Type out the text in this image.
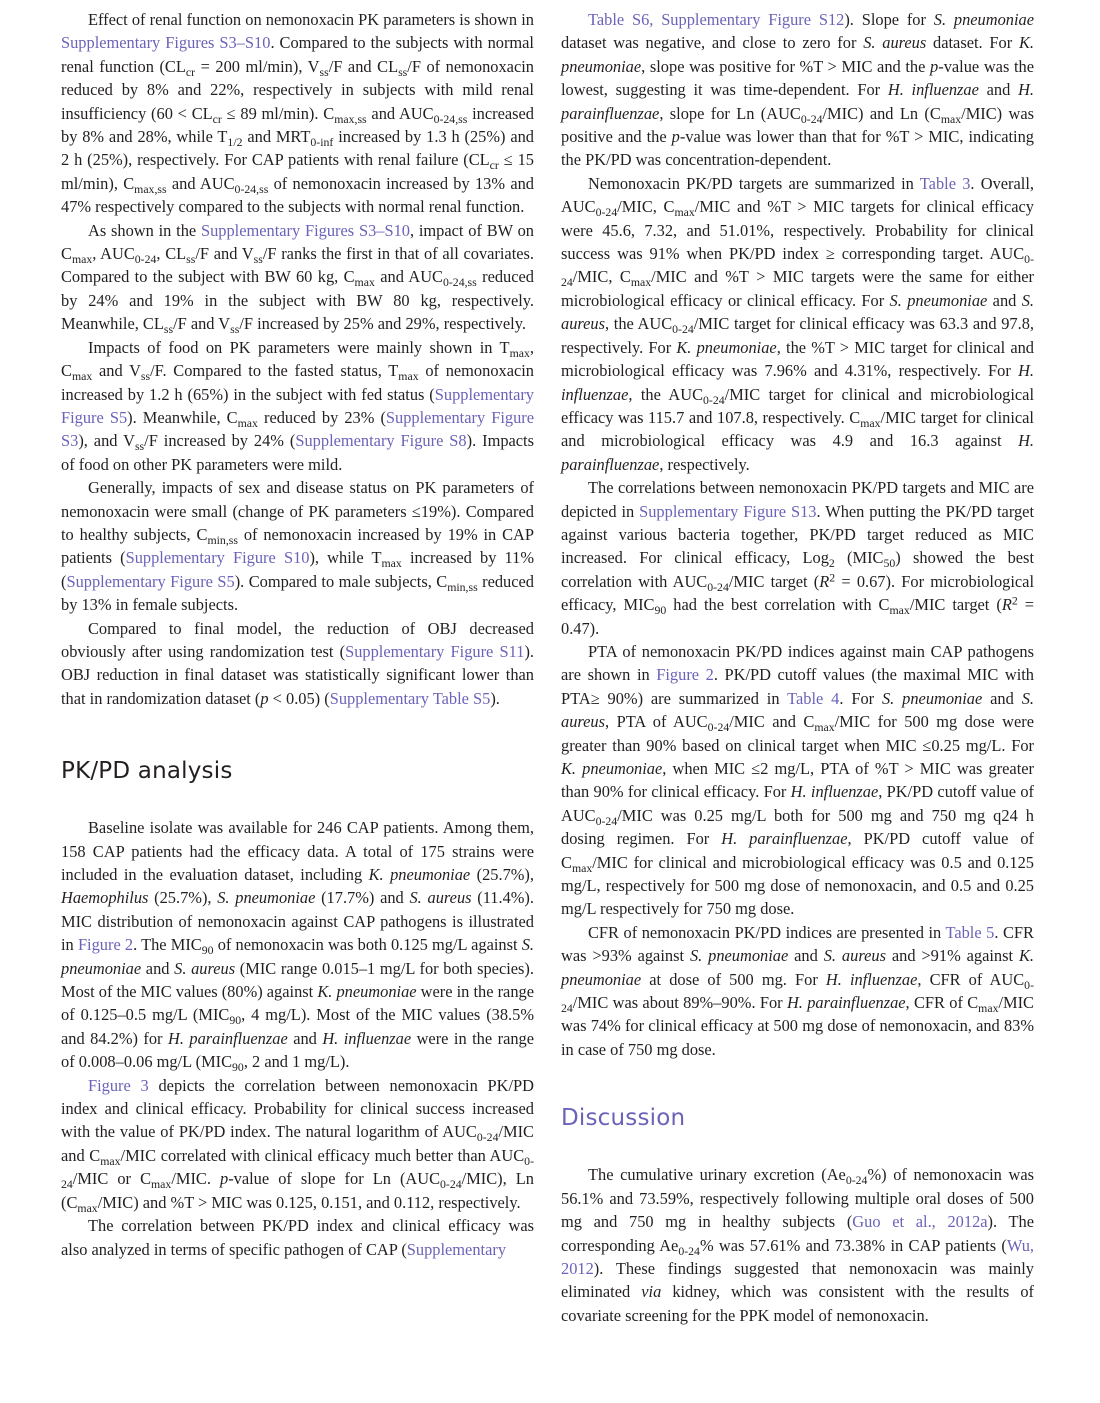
Effect of renal function on nemonoxacin PK parameters is shown in Supplementary Figures S3–S10. Compared to the subjects with normal renal function ($CL_{cr} = 200$ ml/min), $V_{ss}/F$ and $CL_{ss}/F$ of nemonoxacin reduced by 8% and 22%, respectively in subjects with mild renal insufficiency ($60 < CL_{cr} \le 89$ ml/min). $C_{max,ss}$ and $AUC_{0-24,ss}$ increased by 8% and 28%, while $T_{1/2}$ and $MRT_{0-inf}$ increased by 1.3 h (25%) and 2 h (25%), respectively. For CAP patients with renal failure ($CL_{cr} \le 15$ ml/min), $C_{max,ss}$ and $AUC_{0-24,ss}$ of nemonoxacin increased by 13% and 47% respectively compared to the subjects with normal renal function.

As shown in the Supplementary Figures S3–S10, impact of BW on $C_{max}$, $AUC_{0-24}$, $CL_{ss}/F$ and $V_{ss}/F$ ranks the first in that of all covariates. Compared to the subject with BW 60 kg, $C_{max}$ and $AUC_{0-24,ss}$ reduced by 24% and 19% in the subject with BW 80 kg, respectively. Meanwhile, $CL_{ss}/F$ and $V_{ss}/F$ increased by 25% and 29%, respectively.

Impacts of food on PK parameters were mainly shown in $T_{max}$, $C_{max}$ and $V_{ss}/F$. Compared to the fasted status, $T_{max}$ of nemonoxacin increased by 1.2 h (65%) in the subject with fed status (Supplementary Figure S5). Meanwhile, $C_{max}$ reduced by 23% (Supplementary Figure S3), and $V_{ss}/F$ increased by 24% (Supplementary Figure S8). Impacts of food on other PK parameters were mild.

Generally, impacts of sex and disease status on PK parameters of nemonoxacin were small (change of PK parameters ≤19%). Compared to healthy subjects, $C_{min,ss}$ of nemonoxacin increased by 19% in CAP patients (Supplementary Figure S10), while $T_{max}$ increased by 11% (Supplementary Figure S5). Compared to male subjects, $C_{min,ss}$ reduced by 13% in female subjects.

Compared to final model, the reduction of OBJ decreased obviously after using randomization test (Supplementary Figure S11). OBJ reduction in final dataset was statistically significant lower than that in randomization dataset (p < 0.05) (Supplementary Table S5).

PK/PD analysis

Baseline isolate was available for 246 CAP patients. Among them, 158 CAP patients had the efficacy data. A total of 175 strains were included in the evaluation dataset, including K. pneumoniae (25.7%), Haemophilus (25.7%), S. pneumoniae (17.7%) and S. aureus (11.4%). MIC distribution of nemonoxacin against CAP pathogens is illustrated in Figure 2. The $MIC_{90}$ of nemonoxacin was both 0.125 mg/L against S. pneumoniae and S. aureus (MIC range 0.015–1 mg/L for both species). Most of the MIC values (80%) against K. pneumoniae were in the range of 0.125–0.5 mg/L ($MIC_{90}$, 4 mg/L). Most of the MIC values (38.5% and 84.2%) for H. parainfluenzae and H. influenzae were in the range of 0.008–0.06 mg/L ($MIC_{90}$, 2 and 1 mg/L).

Figure 3 depicts the correlation between nemonoxacin PK/PD index and clinical efficacy. Probability for clinical success increased with the value of PK/PD index. The natural logarithm of $AUC_{0-24}$/MIC and $C_{max}$/MIC correlated with clinical efficacy much better than $AUC_{0-24}$/MIC or $C_{max}$/MIC. p-value of slope for Ln $(AUC_{0-24}/MIC)$, Ln $(C_{max}/MIC)$ and %T > MIC was 0.125, 0.151, and 0.112, respectively.

The correlation between PK/PD index and clinical efficacy was also analyzed in terms of specific pathogen of CAP (Supplementary

Table S6, Supplementary Figure S12). Slope for S. pneumoniae dataset was negative, and close to zero for S. aureus dataset. For K. pneumoniae, slope was positive for %T > MIC and the p-value was the lowest, suggesting it was time-dependent. For H. influenzae and H. parainfluenzae, slope for Ln $(AUC_{0-24}/MIC)$ and Ln $(C_{max}/MIC)$ was positive and the p-value was lower than that for %T > MIC, indicating the PK/PD was concentration-dependent.

Nemonoxacin PK/PD targets are summarized in Table 3. Overall, $AUC_{0-24}$/MIC, $C_{max}$/MIC and %T > MIC targets for clinical efficacy were 45.6, 7.32, and 51.01%, respectively. Probability for clinical success was 91% when PK/PD index ≥ corresponding target. $AUC_{0-24}$/MIC, $C_{max}$/MIC and %T > MIC targets were the same for either microbiological efficacy or clinical efficacy. For S. pneumoniae and S. aureus, the $AUC_{0-24}$/MIC target for clinical efficacy was 63.3 and 97.8, respectively. For K. pneumoniae, the %T > MIC target for clinical and microbiological efficacy was 7.96% and 4.31%, respectively. For H. influenzae, the $AUC_{0-24}$/MIC target for clinical and microbiological efficacy was 115.7 and 107.8, respectively. $C_{max}$/MIC target for clinical and microbiological efficacy was 4.9 and 16.3 against H. parainfluenzae, respectively.

The correlations between nemonoxacin PK/PD targets and MIC are depicted in Supplementary Figure S13. When putting the PK/PD target against various bacteria together, PK/PD target reduced as MIC increased. For clinical efficacy, Log$_2$ $(MIC_{50})$ showed the best correlation with $AUC_{0-24}$/MIC target $(R^2 = 0.67)$. For microbiological efficacy, $MIC_{90}$ had the best correlation with $C_{max}$/MIC target $(R^2 = 0.47)$.

PTA of nemonoxacin PK/PD indices against main CAP pathogens are shown in Figure 2. PK/PD cutoff values (the maximal MIC with PTA≥ 90%) are summarized in Table 4. For S. pneumoniae and S. aureus, PTA of $AUC_{0-24}$/MIC and $C_{max}$/MIC for 500 mg dose were greater than 90% based on clinical target when MIC ≤0.25 mg/L. For K. pneumoniae, when MIC ≤2 mg/L, PTA of %T > MIC was greater than 90% for clinical efficacy. For H. influenzae, PK/PD cutoff value of $AUC_{0-24}$/MIC was 0.25 mg/L both for 500 mg and 750 mg q24 h dosing regimen. For H. parainfluenzae, PK/PD cutoff value of $C_{max}$/MIC for clinical and microbiological efficacy was 0.5 and 0.125 mg/L, respectively for 500 mg dose of nemonoxacin, and 0.5 and 0.25 mg/L respectively for 750 mg dose.

CFR of nemonoxacin PK/PD indices are presented in Table 5. CFR was >93% against S. pneumoniae and S. aureus and >91% against K. pneumoniae at dose of 500 mg. For H. influenzae, CFR of $AUC_{0-24}$/MIC was about 89%–90%. For H. parainfluenzae, CFR of $C_{max}$/MIC was 74% for clinical efficacy at 500 mg dose of nemonoxacin, and 83% in case of 750 mg dose.

Discussion

The cumulative urinary excretion $(Ae_{0-24}\%)$ of nemonoxacin was 56.1% and 73.59%, respectively following multiple oral doses of 500 mg and 750 mg in healthy subjects (Guo et al., 2012a). The corresponding $Ae_{0-24}\%$ was 57.61% and 73.38% in CAP patients (Wu, 2012). These findings suggested that nemonoxacin was mainly eliminated via kidney, which was consistent with the results of covariate screening for the PPK model of nemonoxacin.
